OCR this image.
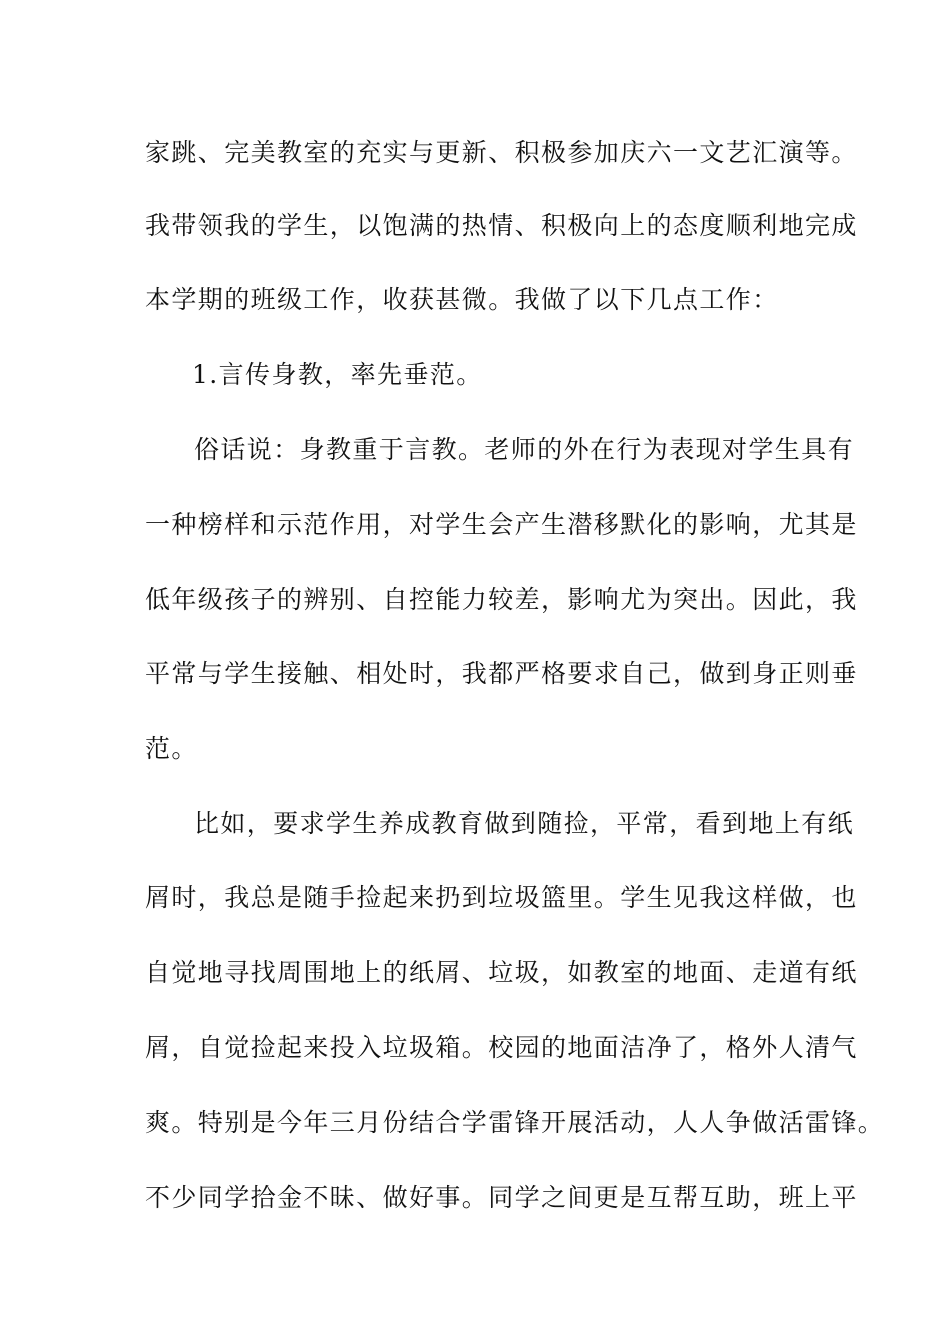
家跳、完美教室的充实与更新、积极参加庆六一文艺汇演等。
我带领我的学生，以饱满的热情、积极向上的态度顺利地完成
本学期的班级工作，收获甚微。我做了以下几点工作：
1.言传身教，率先垂范。
俗话说：身教重于言教。老师的外在行为表现对学生具有
一种榜样和示范作用，对学生会产生潜移默化的影响，尤其是
低年级孩子的辨别、自控能力较差，影响尤为突出。因此，我
平常与学生接触、相处时，我都严格要求自己，做到身正则垂
范。
比如，要求学生养成教育做到随捡，平常，看到地上有纸
屑时，我总是随手捡起来扔到垃圾篮里。学生见我这样做，也
自觉地寻找周围地上的纸屑、垃圾，如教室的地面、走道有纸
屑，自觉捡起来投入垃圾箱。校园的地面洁净了，格外人清气
爽。特别是今年三月份结合学雷锋开展活动，人人争做活雷锋。
不少同学拾金不昧、做好事。同学之间更是互帮互助，班上平
